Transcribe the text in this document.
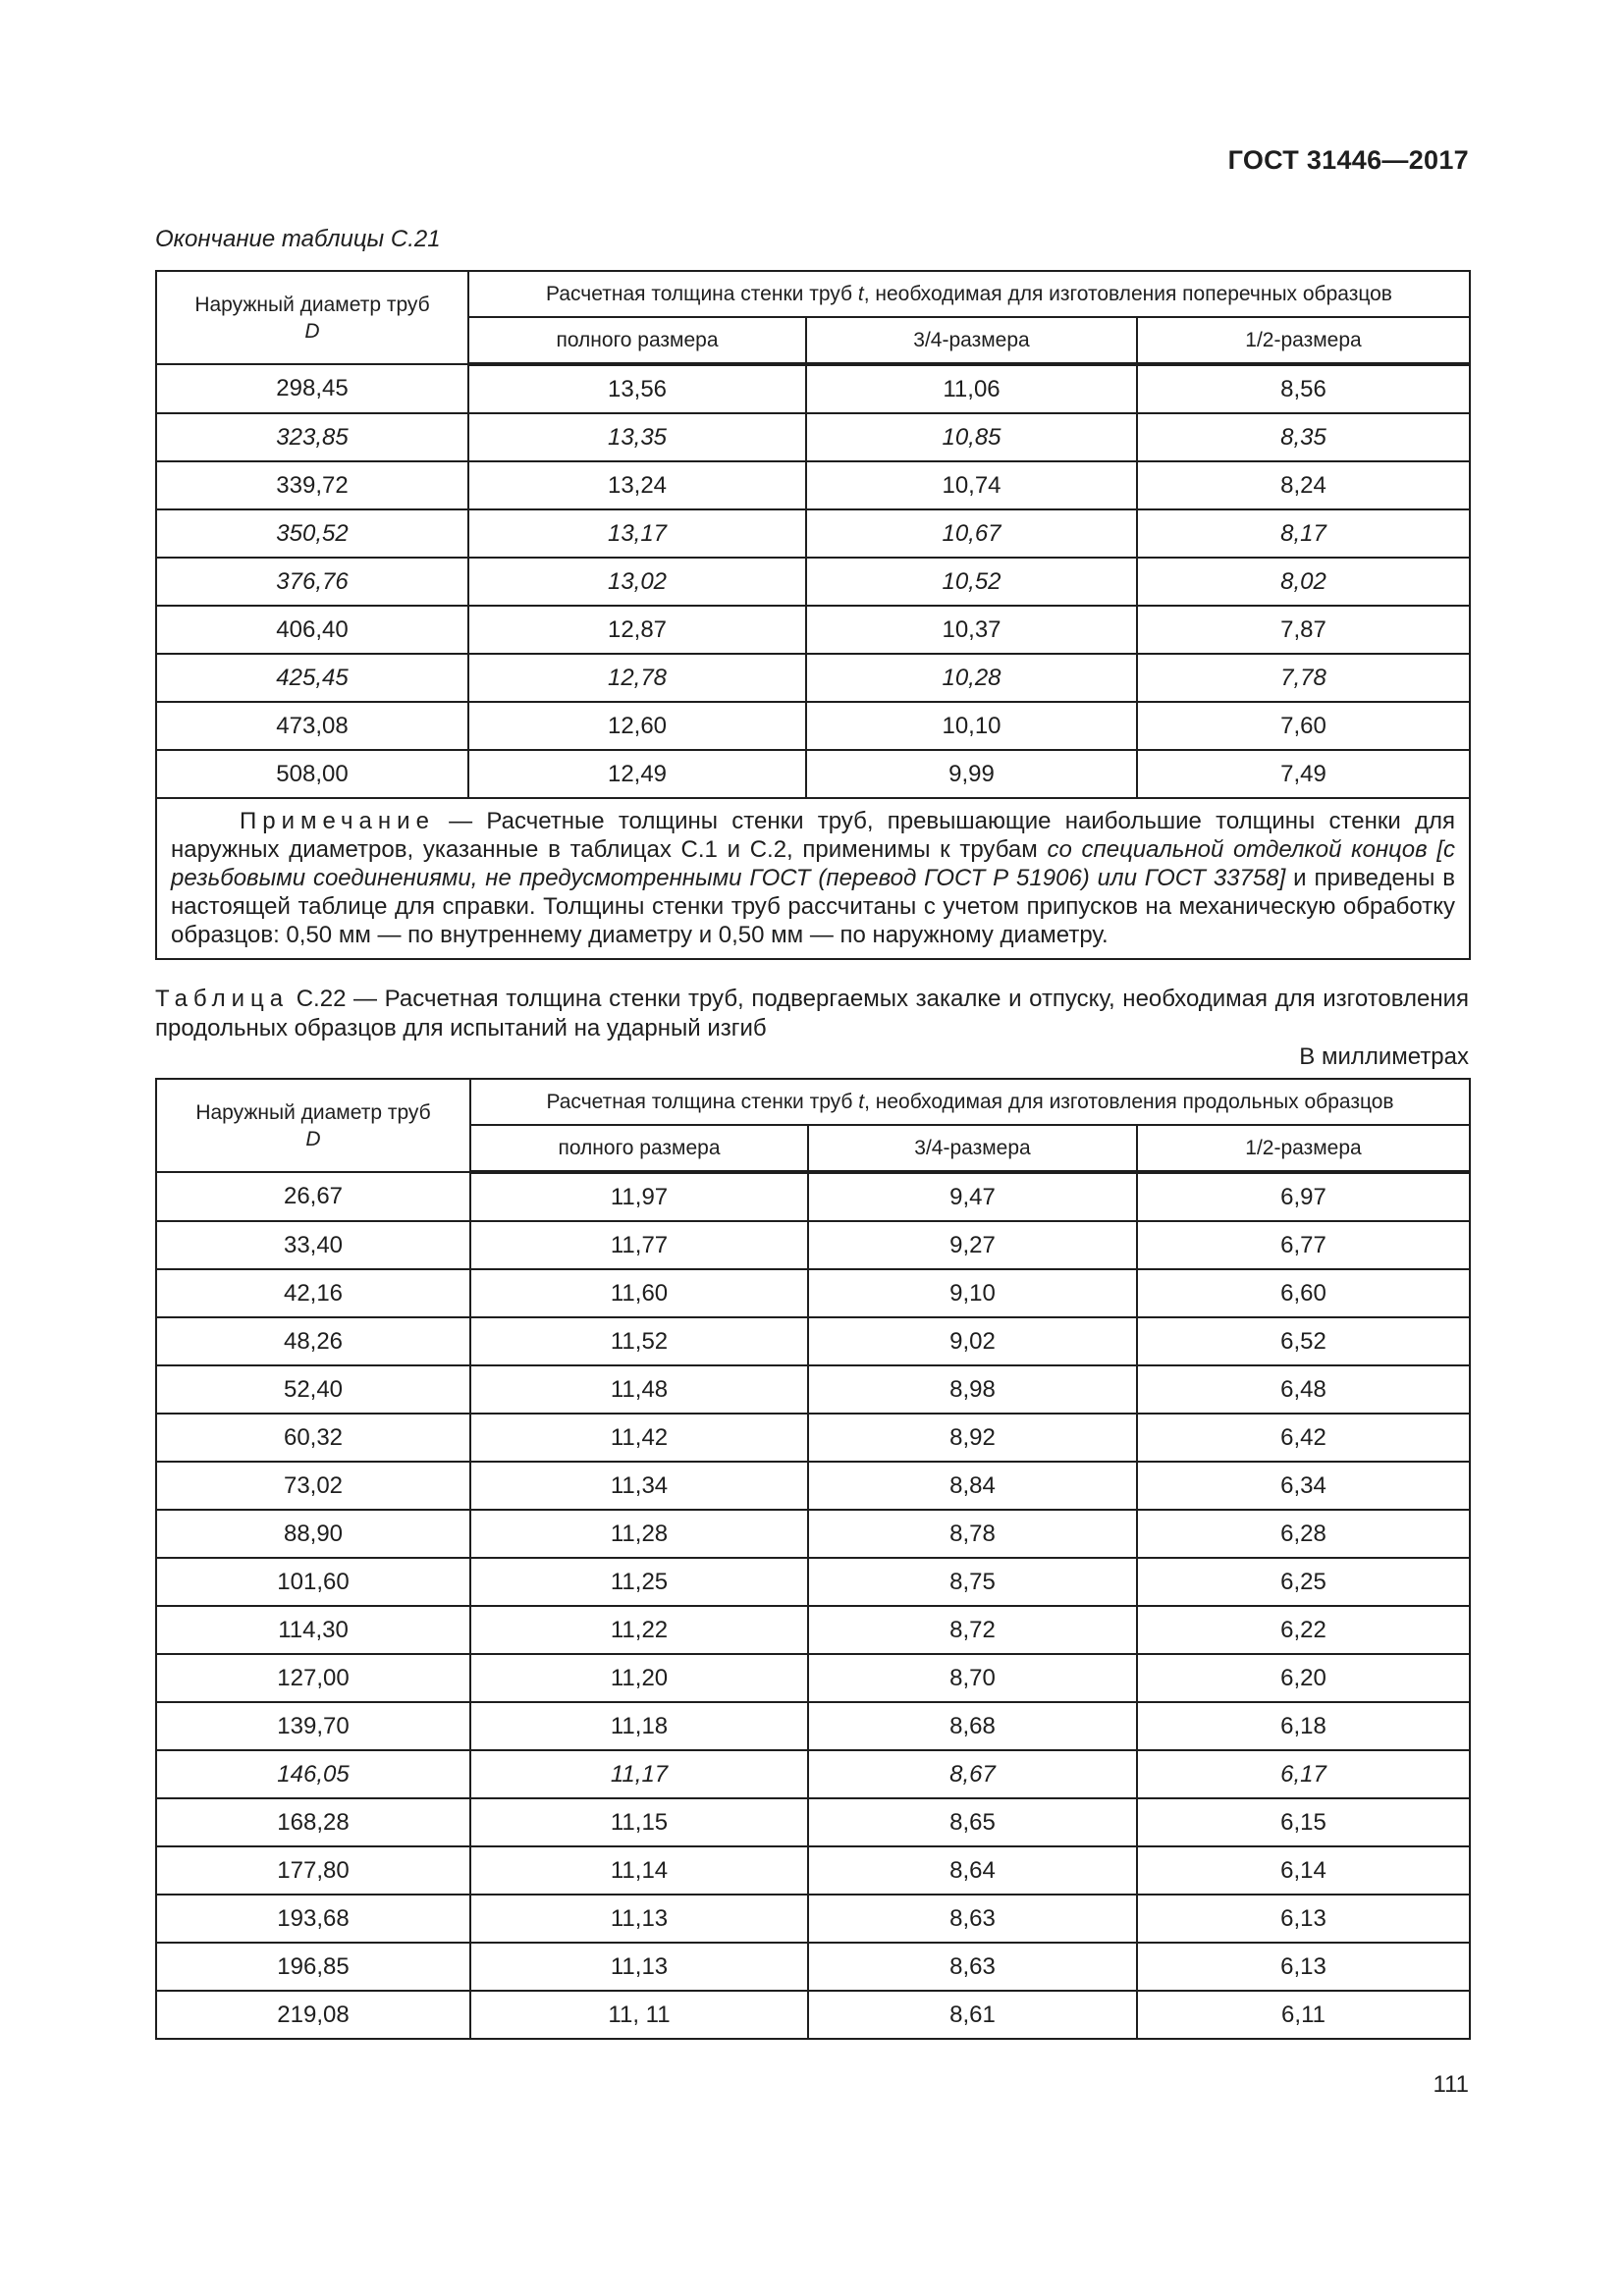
ГОСТ 31446—2017
Окончание таблицы С.21
Наружный диаметр труб
D	Расчетная толщина стенки труб t, необходимая для изготовления поперечных образцов		
	полного размера	3/4-размера	1/2-размера
298,45	13,56	11,06	8,56
323,85	13,35	10,85	8,35
339,72	13,24	10,74	8,24
350,52	13,17	10,67	8,17
376,76	13,02	10,52	8,02
406,40	12,87	10,37	7,87
425,45	12,78	10,28	7,78
473,08	12,60	10,10	7,60
508,00	12,49	9,99	7,49
Примечание — Расчетные толщины стенки труб, превышающие наибольшие толщины стенки для наружных диаметров, указанные в таблицах С.1 и С.2, применимы к трубам со специальной отделкой концов [с резьбовыми соединениями, не предусмотренными ГОСТ (перевод ГОСТ Р 51906) или ГОСТ 33758] и приведены в настоящей таблице для справки. Толщины стенки труб рассчитаны с учетом припусков на механическую обработку образцов: 0,50 мм — по внутреннему диаметру и 0,50 мм — по наружному диаметру.			
Таблица С.22 — Расчетная толщина стенки труб, подвергаемых закалке и отпуску, необходимая для изготовления продольных образцов для испытаний на ударный изгиб
В миллиметрах
Наружный диаметр труб
D	Расчетная толщина стенки труб t, необходимая для изготовления продольных образцов		
	полного размера	3/4-размера	1/2-размера
26,67	11,97	9,47	6,97
33,40	11,77	9,27	6,77
42,16	11,60	9,10	6,60
48,26	11,52	9,02	6,52
52,40	11,48	8,98	6,48
60,32	11,42	8,92	6,42
73,02	11,34	8,84	6,34
88,90	11,28	8,78	6,28
101,60	11,25	8,75	6,25
114,30	11,22	8,72	6,22
127,00	11,20	8,70	6,20
139,70	11,18	8,68	6,18
146,05	11,17	8,67	6,17
168,28	11,15	8,65	6,15
177,80	11,14	8,64	6,14
193,68	11,13	8,63	6,13
196,85	11,13	8,63	6,13
219,08	11, 11	8,61	6,11
111
